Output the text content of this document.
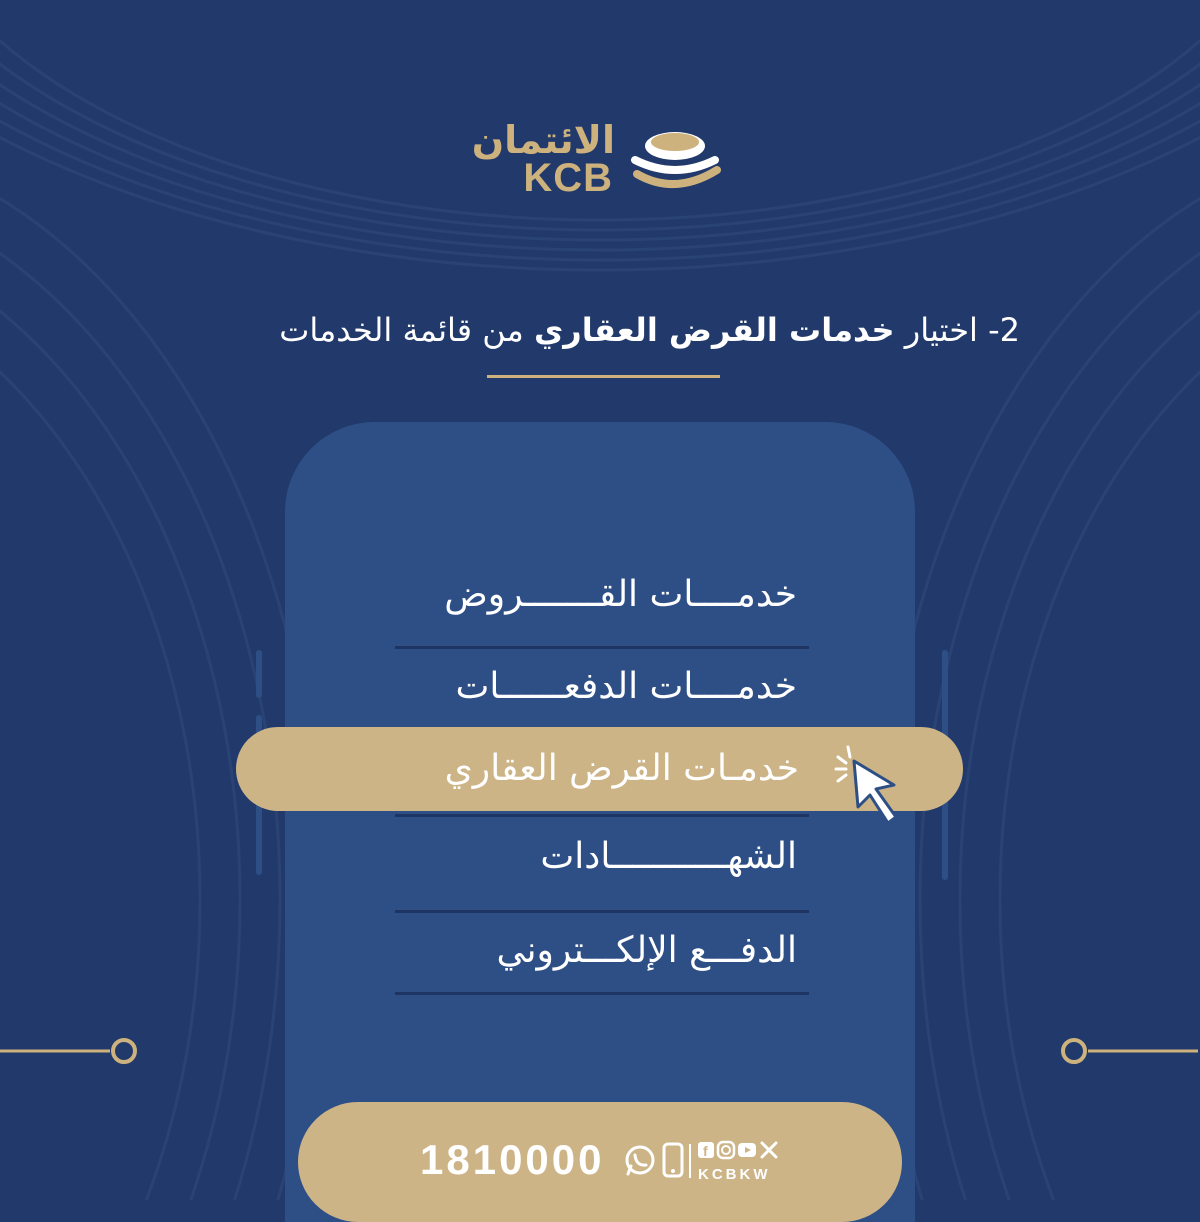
الائتمان
KCB
2- اختيار خدمات القرض العقاري من قائمة الخدمات
خدمــــات القـــــــروض
خدمــــات الدفعــــــات
الشهـــــــــــادات
الدفـــع الإلكـــتروني
خدمـات القرض العقاري
1810000	f
KCBKW
